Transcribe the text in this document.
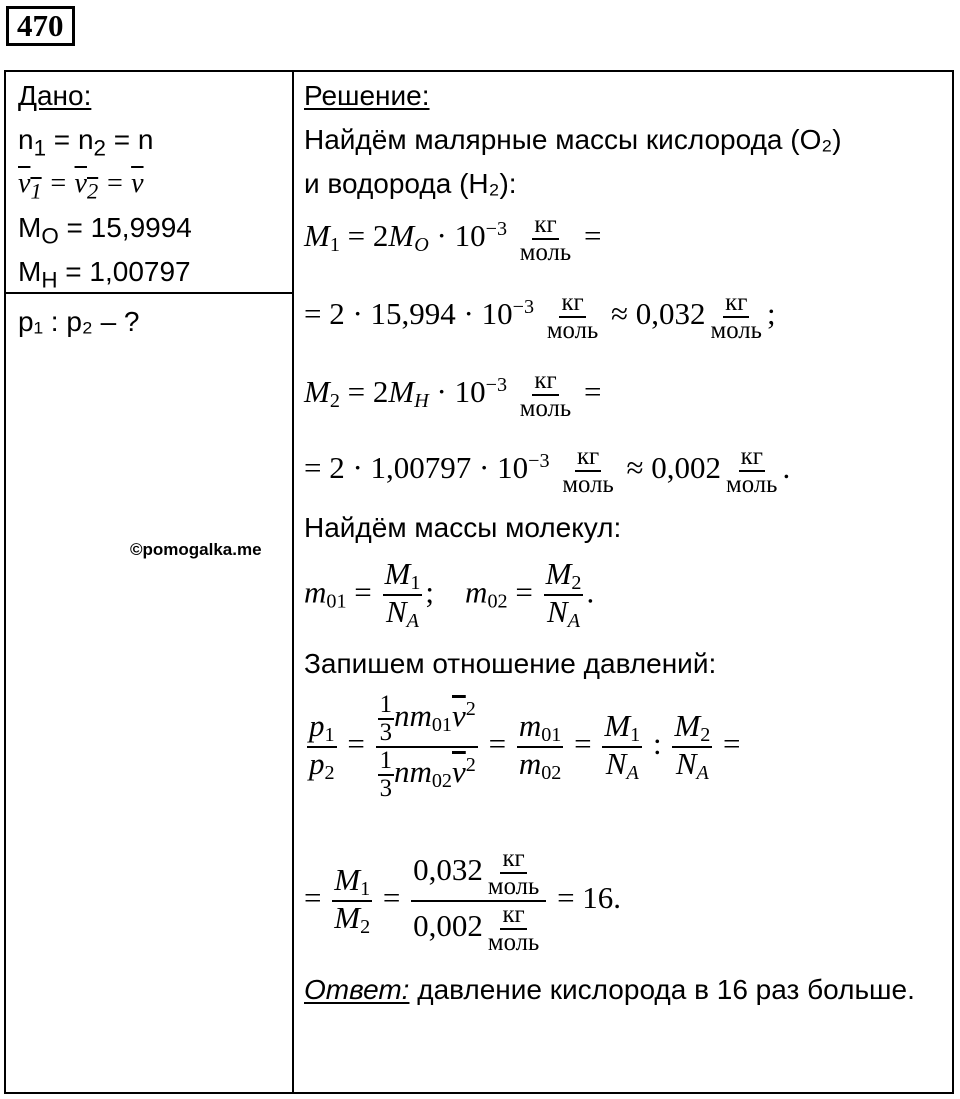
470
Дано:
$n_1 = n_2 = n$
$v_1 = v_2 = \overline{v}$
$M_O = 15,9994$
$M_H = 1,00797$
p₁ : p₂ – ?
©pomogalka.me
Решение:
Найдём малярные массы кислорода (O₂)
и водорода (H₂):
$M1 = 2MO \cdot 10^{-3}$ кг
моль =
= $2 \cdot 15,994 \cdot 10^{-3}$ кг
моль ≈ 0,032 кг
моль ;
$M2 = 2MH \cdot 10^{-3}$ кг
моль =
= $2 \cdot 1,00797 \cdot 10^{-3}$ кг
моль ≈ 0,002 кг
моль .
Найдём массы молекул:
$m01 = \frac{M1}{NA}$ ;    $m02 = \frac{M2}{NA}$ .
Запишем отношение давлений:
$\frac{p1}{p2} = \frac{\frac{1}{3} nm01\overline{v}^2}{\frac{1}{3} nm02\overline{v}^2} = \frac{m01}{m02} = \frac{M1}{NA}$ : $\frac{M2}{NA}$ =
= $\frac{M1}{M2}$ =
0,032 кг
моль
0,002 кг
моль
= 16.
Ответ: давление кислорода в 16 раз больше.
